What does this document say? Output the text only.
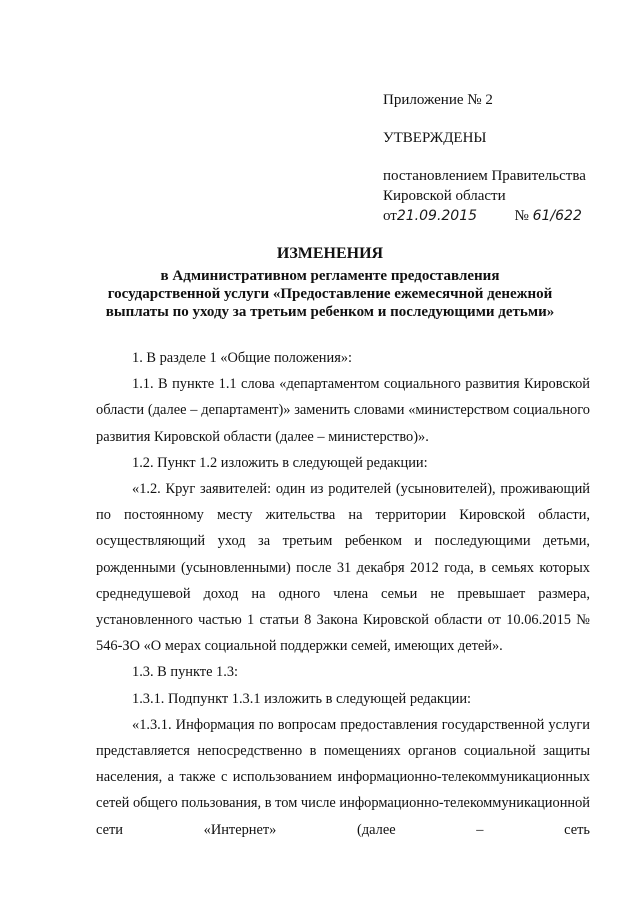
Приложение № 2
УТВЕРЖДЕНЫ
постановлением Правительства
Кировской области
от21.09.2015	№ 61/622
ИЗМЕНЕНИЯ
в Административном регламенте предоставления
государственной услуги «Предоставление ежемесячной денежной
выплаты по уходу за третьим ребенком и последующими детьми»
1. В разделе 1 «Общие положения»:
1.1. В пункте 1.1 слова «департаментом социального развития Кировской области (далее – департамент)» заменить словами «министерством социального развития Кировской области (далее – министерство)».
1.2. Пункт 1.2 изложить в следующей редакции:
«1.2. Круг заявителей: один из родителей (усыновителей), проживающий по постоянному месту жительства на территории Кировской области, осуществляющий уход за третьим ребенком и последующими детьми, рожденными (усыновленными) после 31 декабря 2012 года, в семьях которых среднедушевой доход на одного члена семьи не превышает размера, установленного частью 1 статьи 8 Закона Кировской области от 10.06.2015 № 546-ЗО «О мерах социальной поддержки семей, имеющих детей».
1.3. В пункте 1.3:
1.3.1. Подпункт 1.3.1 изложить в следующей редакции:
«1.3.1. Информация по вопросам предоставления государственной услуги представляется непосредственно в помещениях органов социальной защиты населения, а также с использованием информационно-телекоммуникационных сетей общего пользования, в том числе информационно-телекоммуникационной сети «Интернет» (далее – сеть
